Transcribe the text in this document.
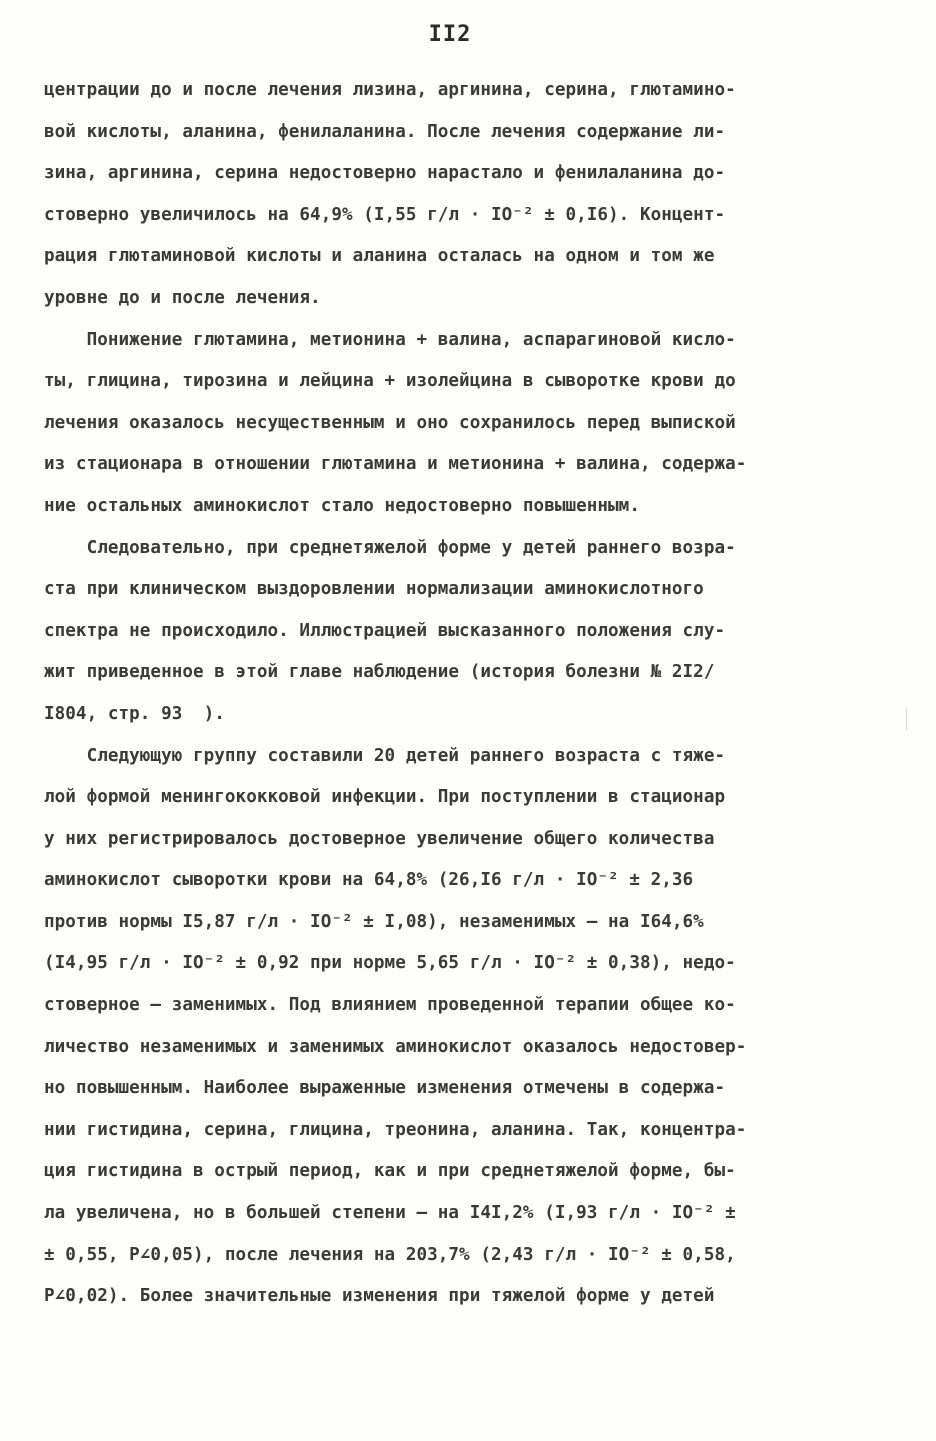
II2
центрации до и после лечения лизина, аргинина, серина, глютамино-
вой кислоты, аланина, фенилаланина. После лечения содержание ли-
зина, аргинина, серина недостоверно нарастало и фенилаланина до-
стоверно увеличилось на 64,9% (I,55 г/л · IO⁻² ± 0,I6). Концент-
рация глютаминовой кислоты и аланина осталась на одном и том же
уровне до и после лечения.
Понижение глютамина, метионина + валина, аспарагиновой кисло-
ты, глицина, тирозина и лейцина + изолейцина в сыворотке крови до
лечения оказалось несущественным и оно сохранилось перед выпиской
из стационара в отношении глютамина и метионина + валина, содержа-
ние остальных аминокислот стало недостоверно повышенным.
Следовательно, при среднетяжелой форме у детей раннего возра-
ста при клиническом выздоровлении нормализации аминокислотного
спектра не происходило. Иллюстрацией высказанного положения слу-
жит приведенное в этой главе наблюдение (история болезни № 2I2/
I804, стр. 93  ).
Следующую группу составили 20 детей раннего возраста с тяже-
лой формой менингококковой инфекции. При поступлении в стационар
у них регистрировалось достоверное увеличение общего количества
аминокислот сыворотки крови на 64,8% (26,I6 г/л · IO⁻² ± 2,36
против нормы I5,87 г/л · IO⁻² ± I,08), незаменимых – на I64,6%
(I4,95 г/л · IO⁻² ± 0,92 при норме 5,65 г/л · IO⁻² ± 0,38), недо-
стоверное – заменимых. Под влиянием проведенной терапии общее ко-
личество незаменимых и заменимых аминокислот оказалось недостовер-
но повышенным. Наиболее выраженные изменения отмечены в содержа-
нии гистидина, серина, глицина, треонина, аланина. Так, концентра-
ция гистидина в острый период, как и при среднетяжелой форме, бы-
ла увеличена, но в большей степени – на I4I,2% (I,93 г/л · IO⁻² ±
± 0,55, P∠0,05), после лечения на 203,7% (2,43 г/л · IO⁻² ± 0,58,
P∠0,02). Более значительные изменения при тяжелой форме у детей
